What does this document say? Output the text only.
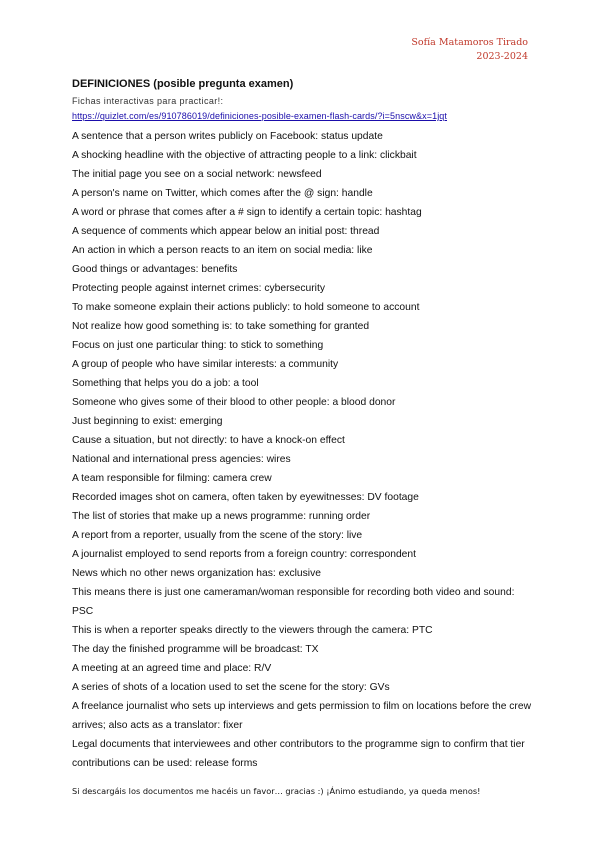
Sofía Matamoros Tirado
2023-2024
DEFINICIONES (posible pregunta examen)
Fichas interactivas para practicar!:
https://quizlet.com/es/910786019/definiciones-posible-examen-flash-cards/?i=5nscw&x=1jqt
A sentence that a person writes publicly on Facebook: status update
A shocking headline with the objective of attracting people to a link: clickbait
The initial page you see on a social network: newsfeed
A person's name on Twitter, which comes after the @ sign: handle
A word or phrase that comes after a # sign to identify a certain topic: hashtag
A sequence of comments which appear below an initial post: thread
An action in which a person reacts to an item on social media: like
Good things or advantages: benefits
Protecting people against internet crimes: cybersecurity
To make someone explain their actions publicly: to hold someone to account
Not realize how good something is: to take something for granted
Focus on just one particular thing: to stick to something
A group of people who have similar interests: a community
Something that helps you do a job: a tool
Someone who gives some of their blood to other people: a blood donor
Just beginning to exist: emerging
Cause a situation, but not directly: to have a knock-on effect
National and international press agencies: wires
A team responsible for filming: camera crew
Recorded images shot on camera, often taken by eyewitnesses: DV footage
The list of stories that make up a news programme: running order
A report from a reporter, usually from the scene of the story: live
A journalist employed to send reports from a foreign country: correspondent
News which no other news organization has: exclusive
This means there is just one cameraman/woman responsible for recording both video and sound: PSC
This is when a reporter speaks directly to the viewers through the camera: PTC
The day the finished programme will be broadcast: TX
A meeting at an agreed time and place: R/V
A series of shots of a location used to set the scene for the story: GVs
A freelance journalist who sets up interviews and gets permission to film on locations before the crew arrives; also acts as a translator: fixer
Legal documents that interviewees and other contributors to the programme sign to confirm that tier contributions can be used: release forms
Si descargáis los documentos me hacéis un favor… gracias :) ¡Ánimo estudiando, ya queda menos!
